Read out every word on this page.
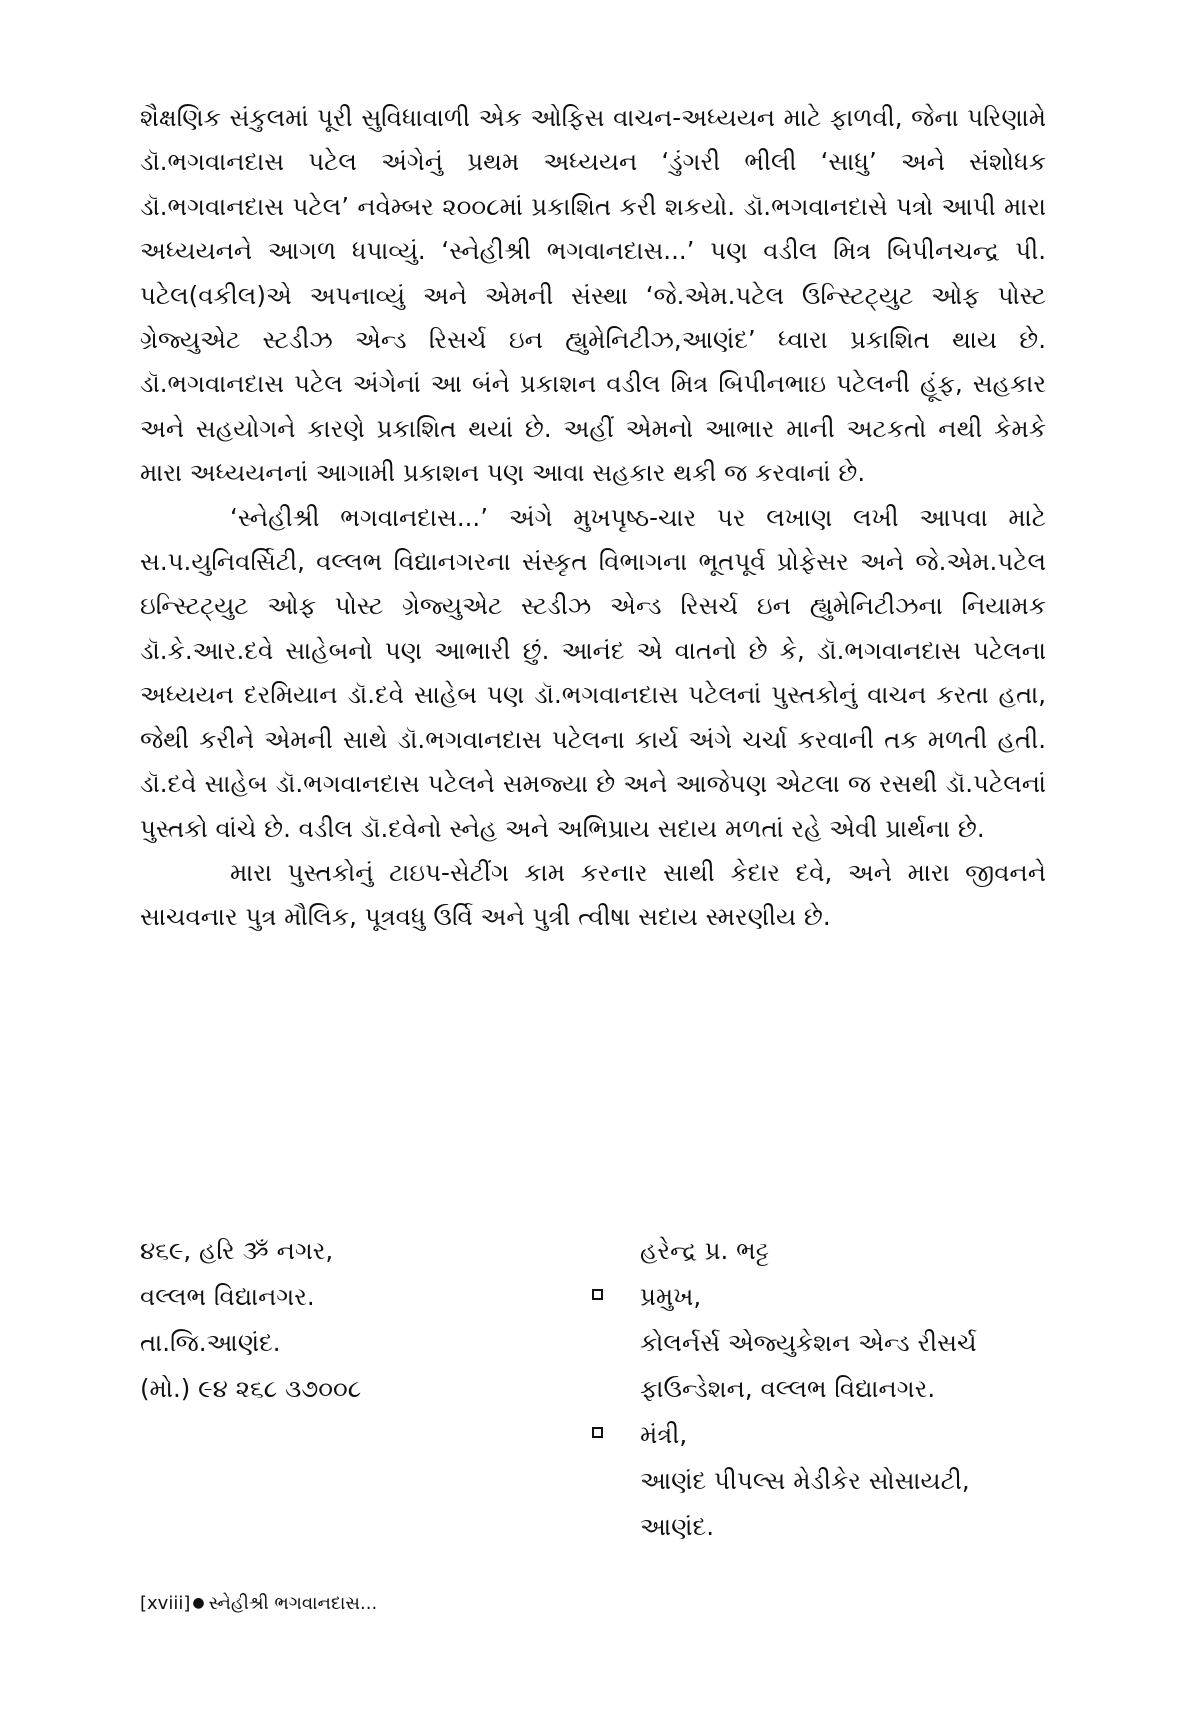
શૈક્ષણિક સંકુલમાં પૂરી સુવિધાવાળી એક ઓફિસ વાચન-અધ્યયન માટે ફાળવી, જેના પરિણામે ડૉ.ભગવાનદાસ પટેલ અંગેનું પ્રથમ અધ્યયન ‘ડુંગરી ભીલી ‘સાધુ’ અને સંશોધક ડૉ.ભગવાનદાસ પટેલ’ નવેમ્બર ૨૦૦૮માં પ્રકાશિત કરી શકયો. ડૉ.ભગવાનદાસે પત્રો આપી મારા અધ્યયનને આગળ ધપાવ્યું. ‘સ્નેહીશ્રી ભગવાનદાસ...’ પણ વડીલ મિત્ર બિપીનચન્દ્ર પી. પટેલ(વકીલ)એ અપનાવ્યું અને એમની સંસ્થા ‘જે.એમ.પટેલ ઉન્સ્ટિટ્યુટ ઓફ પોસ્ટ ગ્રેજ્યુએટ સ્ટડીઝ એન્ડ રિસર્ચ ઇન હ્યુમેનિટીઝ,આણંદ’ ધ્વારા પ્રકાશિત થાય છે. ડૉ.ભગવાનદાસ પટેલ અંગેનાં આ બંને પ્રકાશન વડીલ મિત્ર બિપીનભાઇ પટેલની હૂંફ, સહકાર અને સહયોગને કારણે પ્રકાશિત થયાં છે. અહીં એમનો આભાર માની અટકતો નથી કેમકે મારા અધ્યયનનાં આગામી પ્રકાશન પણ આવા સહકાર થકી જ કરવાનાં છે.

‘સ્નેહીશ્રી ભગવાનદાસ...’ અંગે મુખપૃષ્ઠ-ચાર પર લખાણ લખી આપવા માટે સ.પ.યુનિવર્સિટી, વલ્લભ વિદ્યાનગરના સંસ્કૃત વિભાગના ભૂતપૂર્વ પ્રોફેસર અને જે.એમ.પટેલ ઇન્સ્ટિટ્યુટ ઓફ પોસ્ટ ગ્રેજ્યુએટ સ્ટડીઝ એન્ડ રિસર્ચ ઇન હ્યુમેનિટીઝના નિયામક ડૉ.કે.આર.દવે સાહેબનો પણ આભારી છું. આનંદ એ વાતનો છે કે, ડૉ.ભગવાનદાસ પટેલના અધ્યયન દરમિયાન ડૉ.દવે સાહેબ પણ ડૉ.ભગવાનદાસ પટેલનાં પુસ્તકોનું વાચન કરતા હતા, જેથી કરીને એમની સાથે ડૉ.ભગવાનદાસ પટેલના કાર્ય અંગે ચર્ચા કરવાની તક મળતી હતી. ડૉ.દવે સાહેબ ડૉ.ભગવાનદાસ પટેલને સમજ્યા છે અને આજેપણ એટલા જ રસથી ડૉ.પટેલનાં પુસ્તકો વાંચે છે. વડીલ ડૉ.દવેનો સ્નેહ અને અભિપ્રાય સદાય મળતાં રહે એવી પ્રાર્થના છે.

મારા પુસ્તકોનું ટાઇપ-સેટીંગ કામ કરનાર સાથી કેદાર દવે, અને મારા જીવનને સાચવનાર પુત્ર મૌલિક, પૂત્રવધુ ઉર્વિ અને પુત્રી ત્વીષા સદાય સ્મરણીય છે.

૪૬૯, હરિ ૐ નગર,
વલ્લભ વિદ્યાનગર.
તા.જિ.આણંદ.
(મો.) ૯૪ ૨૬૮ ૩૭૦૦૮
હરેન્દ્ર પ્ર. ભટ્ટ
પ્રમુખ,
કોલર્નર્સ એજ્યુકેશન એન્ડ રીસર્ચ
ફાઉન્ડેશન, વલ્લભ વિદ્યાનગર.
મંત્રી,
આણંદ પીપલ્સ મેડીકેર સોસાયટી,
આણંદ.
[xviii] ● સ્નેહીશ્રી ભગવાનદાસ...
